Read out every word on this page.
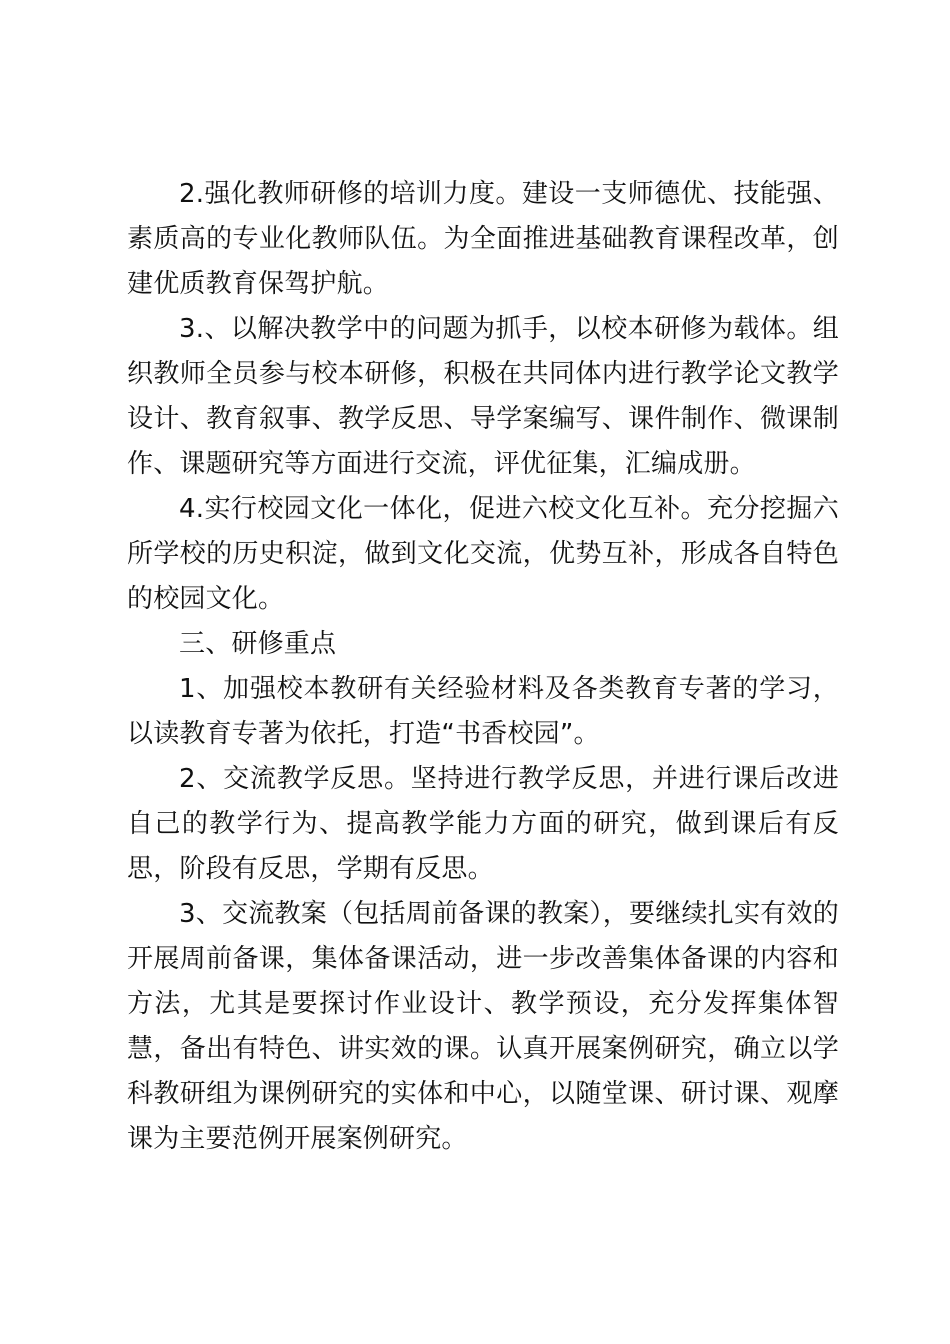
2.强化教师研修的培训力度。建设一支师德优、技能强、素质高的专业化教师队伍。为全面推进基础教育课程改革，创建优质教育保驾护航。

3.、以解决教学中的问题为抓手，以校本研修为载体。组织教师全员参与校本研修，积极在共同体内进行教学论文教学设计、教育叙事、教学反思、导学案编写、课件制作、微课制作、课题研究等方面进行交流，评优征集，汇编成册。

4.实行校园文化一体化，促进六校文化互补。充分挖掘六所学校的历史积淀，做到文化交流，优势互补，形成各自特色的校园文化。

三、研修重点

1、加强校本教研有关经验材料及各类教育专著的学习，以读教育专著为依托，打造“书香校园”。

2、交流教学反思。坚持进行教学反思，并进行课后改进自己的教学行为、提高教学能力方面的研究，做到课后有反思，阶段有反思，学期有反思。

3、交流教案（包括周前备课的教案），要继续扎实有效的开展周前备课，集体备课活动，进一步改善集体备课的内容和方法，尤其是要探讨作业设计、教学预设，充分发挥集体智慧，备出有特色、讲实效的课。认真开展案例研究，确立以学科教研组为课例研究的实体和中心，以随堂课、研讨课、观摩课为主要范例开展案例研究。
